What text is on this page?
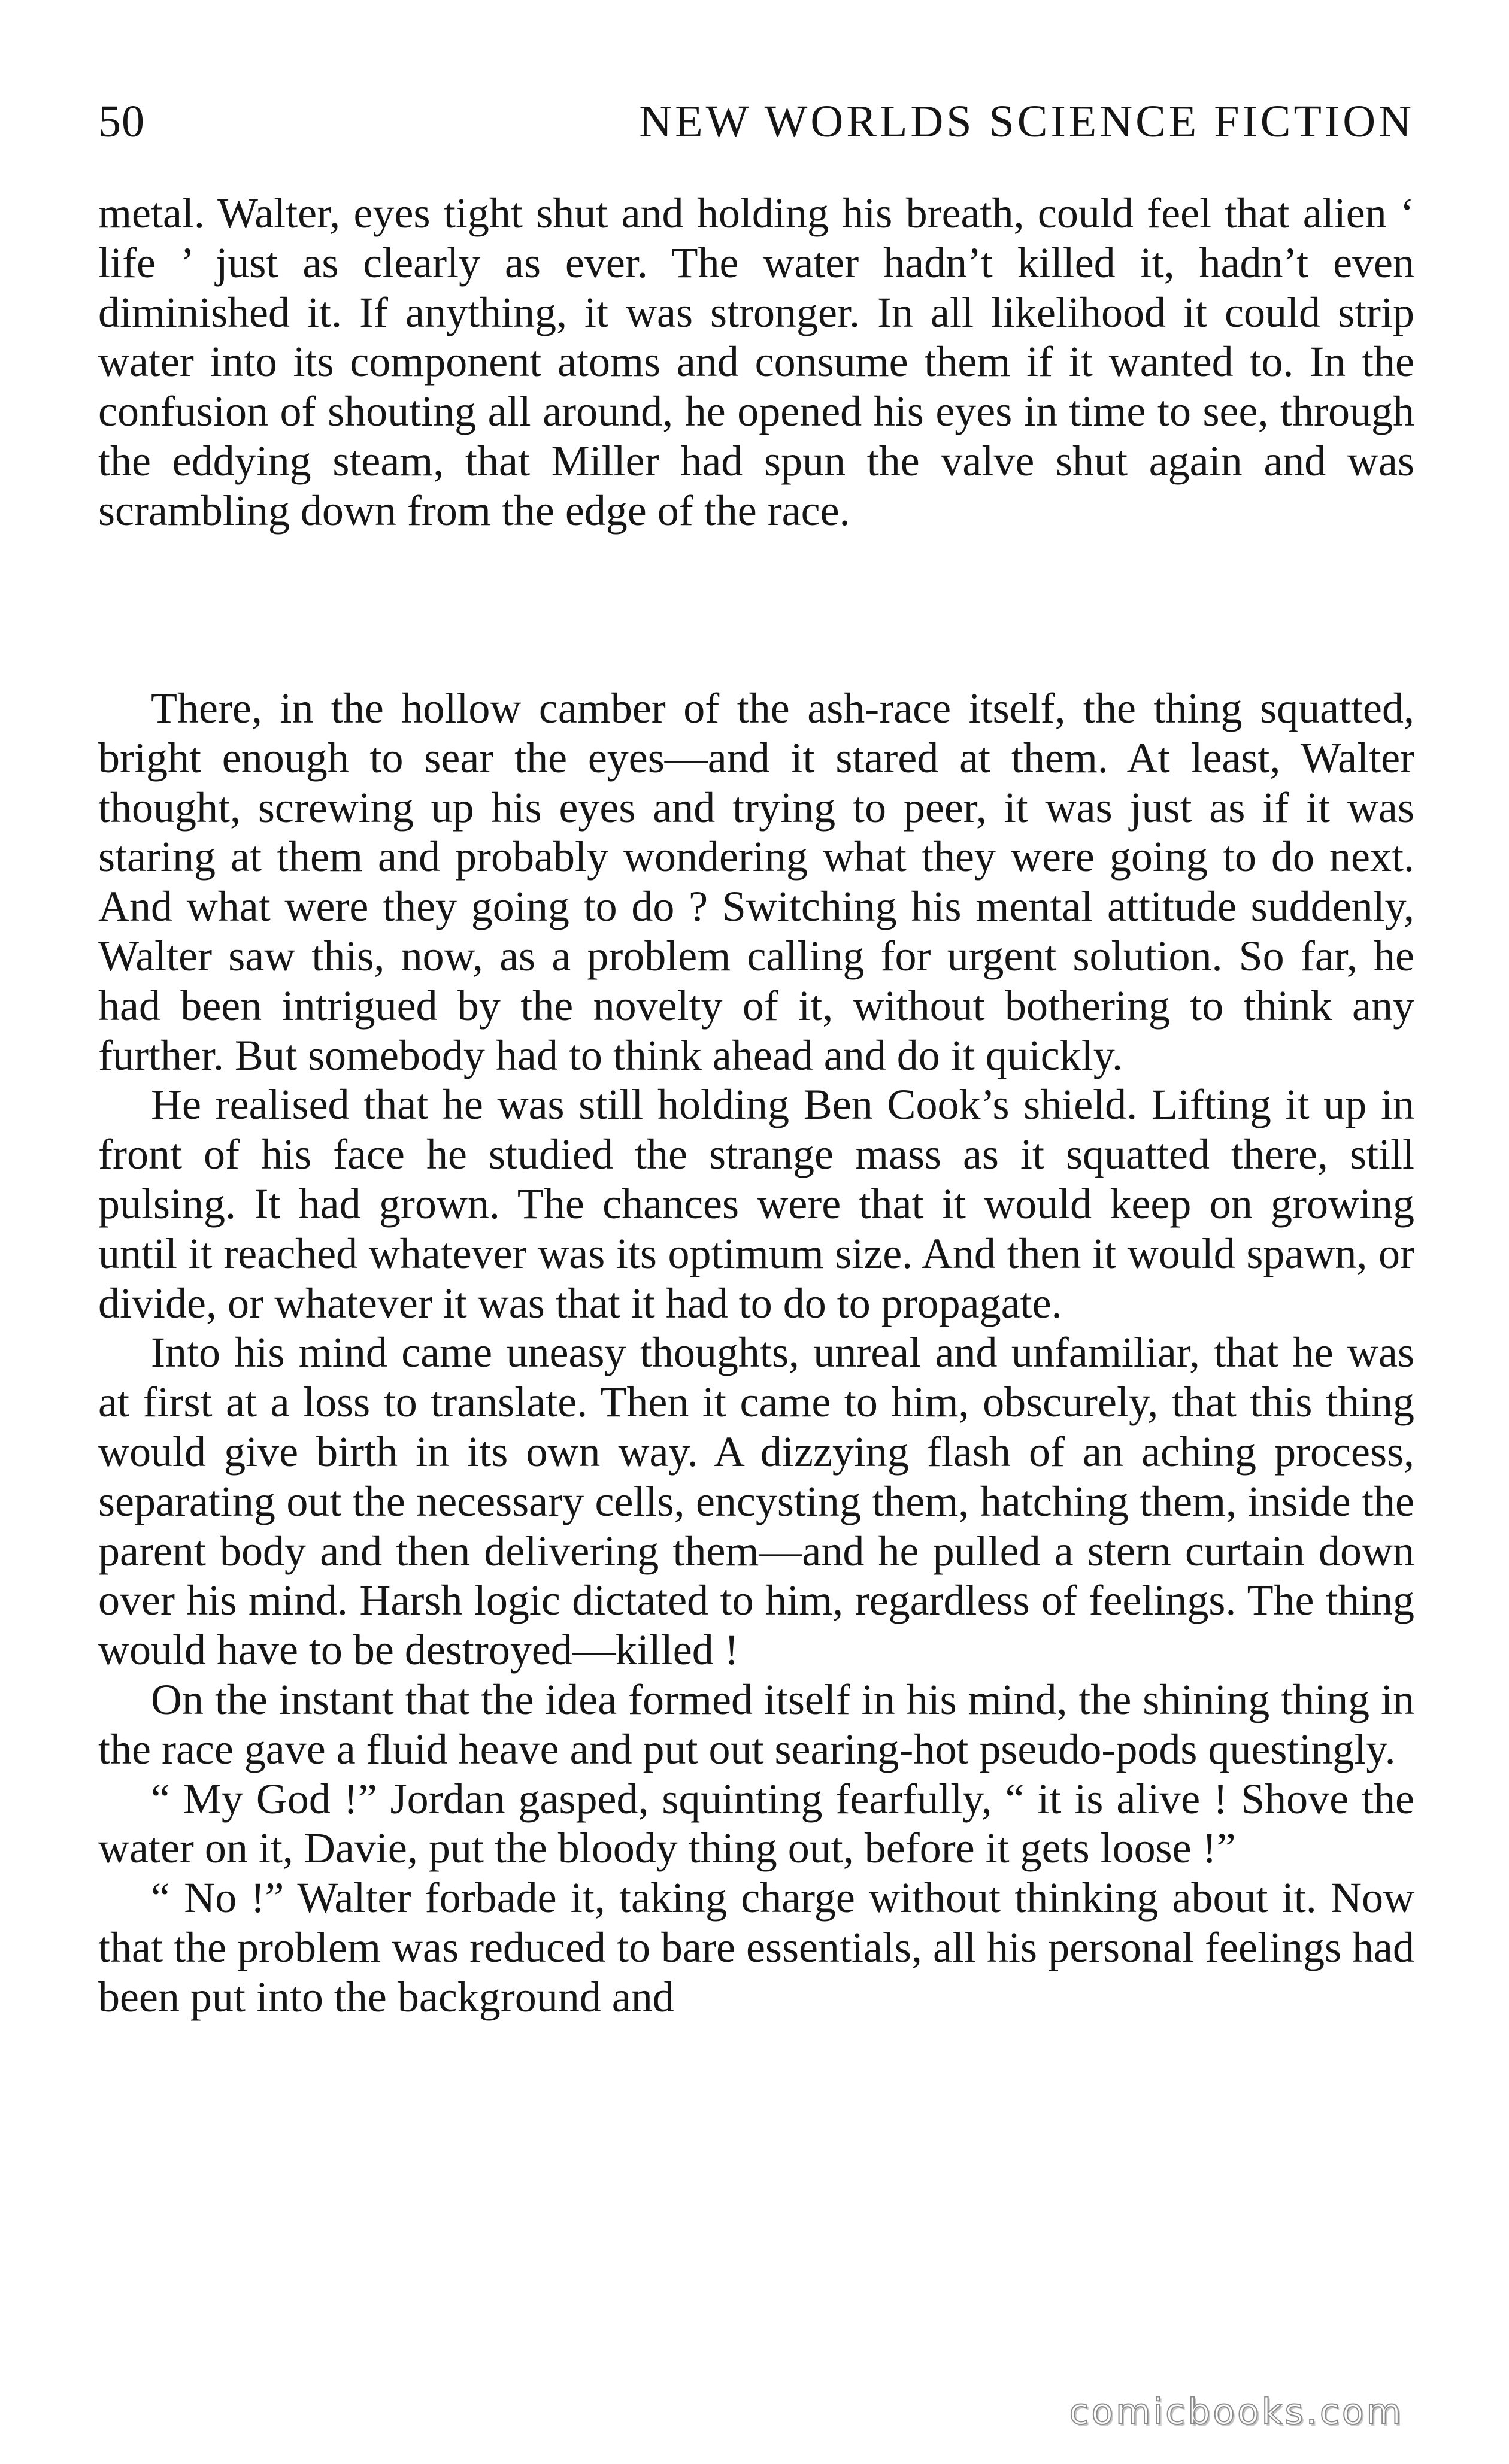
50	NEW WORLDS SCIENCE FICTION

metal. Walter, eyes tight shut and holding his breath, could feel that alien ‘ life ’ just as clearly as ever. The water hadn’t killed it, hadn’t even diminished it. If anything, it was stronger. In all likelihood it could strip water into its component atoms and consume them if it wanted to. In the confusion of shouting all around, he opened his eyes in time to see, through the eddying steam, that Miller had spun the valve shut again and was scrambling down from the edge of the race.

There, in the hollow camber of the ash-race itself, the thing squatted, bright enough to sear the eyes—and it stared at them. At least, Walter thought, screwing up his eyes and trying to peer, it was just as if it was staring at them and probably wondering what they were going to do next. And what were they going to do ? Switching his mental attitude suddenly, Walter saw this, now, as a problem calling for urgent solution. So far, he had been intrigued by the novelty of it, without bothering to think any further. But somebody had to think ahead and do it quickly.

He realised that he was still holding Ben Cook’s shield. Lifting it up in front of his face he studied the strange mass as it squatted there, still pulsing. It had grown. The chances were that it would keep on growing until it reached whatever was its optimum size. And then it would spawn, or divide, or whatever it was that it had to do to propagate.

Into his mind came uneasy thoughts, unreal and unfamiliar, that he was at first at a loss to translate. Then it came to him, obscurely, that this thing would give birth in its own way. A dizzying flash of an aching process, separating out the necessary cells, encysting them, hatching them, inside the parent body and then delivering them—and he pulled a stern curtain down over his mind. Harsh logic dictated to him, regardless of feelings. The thing would have to be destroyed—killed !

On the instant that the idea formed itself in his mind, the shining thing in the race gave a fluid heave and put out searing-hot pseudo-pods questingly.

“ My God !” Jordan gasped, squinting fearfully, “ it is alive ! Shove the water on it, Davie, put the bloody thing out, before it gets loose !”

“ No !” Walter forbade it, taking charge without thinking about it. Now that the problem was reduced to bare essentials, all his personal feelings had been put into the background and

comicbooks.com
